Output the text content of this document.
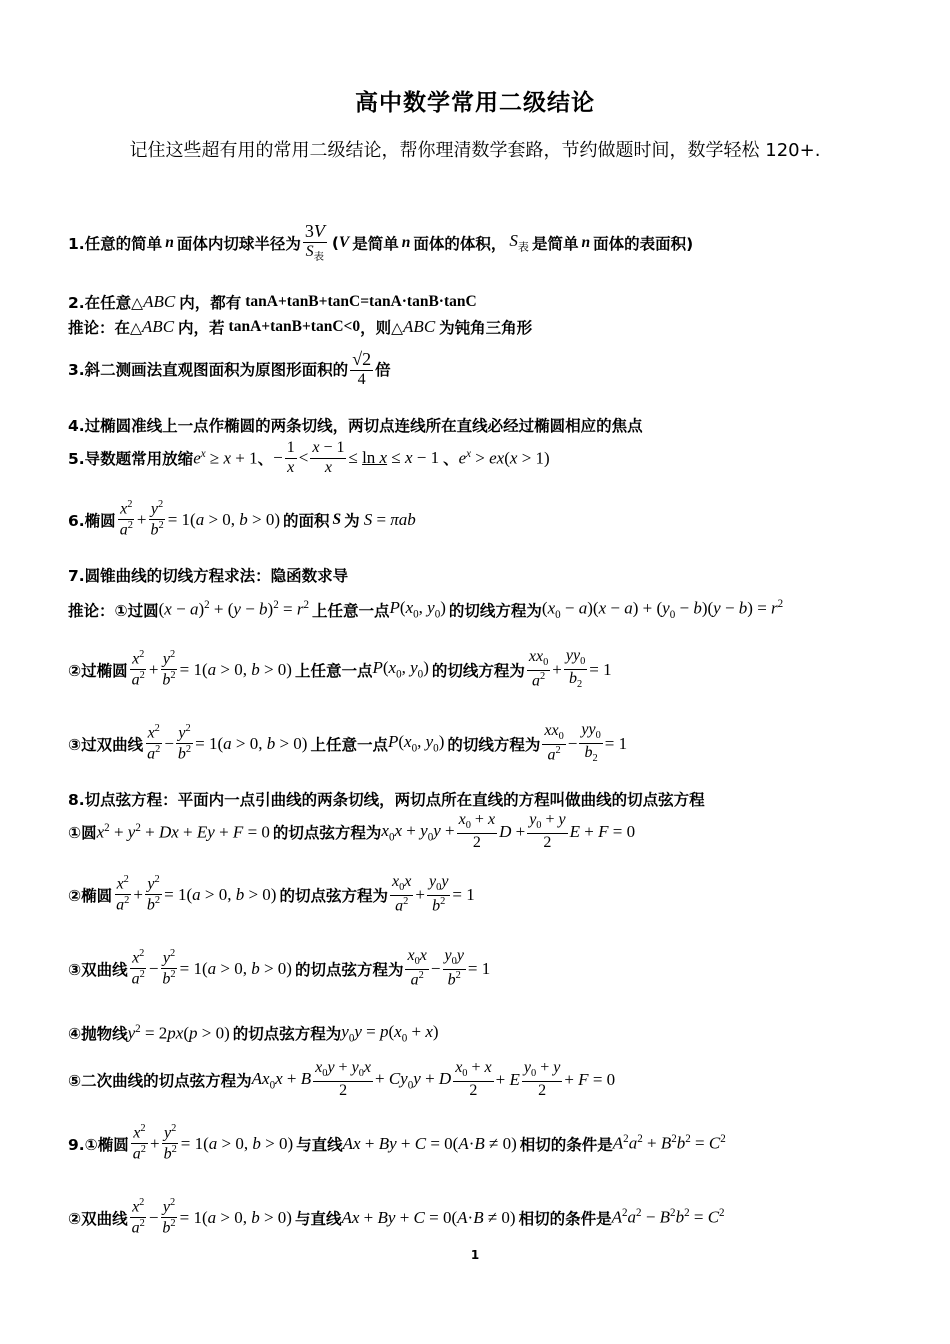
高中数学常用二级结论
记住这些超有用的常用二级结论，帮你理清数学套路，节约做题时间，数学轻松 120+.
1.任意的简单 n 面体内切球半径为 $\frac{3V}{S_表}$ ( V 是简单 n 面体的体积， $S_表$ 是简单 n 面体的表面积)
2.在任意△ ABC 内，都有 tanA+tanB+tanC=tanA·tanB·tanC
推论：在△ ABC 内，若 tanA+tanB+tanC<0 ，则△ ABC 为钝角三角形
3.斜二测画法直观图面积为原图形面积的 $\frac{√2}{4}$ 倍
4.过椭圆准线上一点作椭圆的两条切线，两切点连线所在直线必经过椭圆相应的焦点
5.导数题常用放缩 $e^x \ge x + 1$ 、 − $\frac{1}{x} < \frac{x - 1}{x} \le \ln x \le x - 1$ 、 $e^x > ex(x > 1)$
6.椭圆 $\frac{x^2}{a^2} + \frac{y^2}{b^2} = 1(a > 0$, b > 0) 的面积 S 为 S = πab
7.圆锥曲线的切线方程求法：隐函数求导
推论：①过圆 $(x - a)^2 + (y - b)^2 = r^2$ 上任意一点 $P(x_0$, $y_0$) 的切线方程为 $(x_0 - a)(x - a) + (y_0 - b)(y - b) = r^2$
②过椭圆 $\frac{x^2}{a^2} + \frac{y^2}{b^2} = 1(a > 0$, b > 0) 上任意一点 $P(x_0$, $y_0$) 的切线方程为 $\frac{xx_0}{a^2} + \frac{yy_0}{b_2} = 1$
③过双曲线 $\frac{x^2}{a^2} - \frac{y^2}{b^2} = 1(a > 0$, b > 0) 上任意一点 $P(x_0$, $y_0$) 的切线方程为 $\frac{xx_0}{a^2} - \frac{yy_0}{b_2} = 1$
8.切点弦方程：平面内一点引曲线的两条切线，两切点所在直线的方程叫做曲线的切点弦方程
①圆 $x^2 + y^2 + Dx + Ey + F = 0$ 的切点弦方程为 $x_0x + y_0y + \frac{x_0 + x}{2}$ $D + \frac{y_0 + y}{2}$ E + F = 0
②椭圆 $\frac{x^2}{a^2} + \frac{y^2}{b^2} = 1(a > 0$, b > 0) 的切点弦方程为 $\frac{x_0x}{a^2} + \frac{y_0y}{b^2} = 1$
③双曲线 $\frac{x^2}{a^2} - \frac{y^2}{b^2} = 1(a > 0$, b > 0) 的切点弦方程为 $\frac{x_0x}{a^2} - \frac{y_0y}{b^2} = 1$
④抛物线 $y^2 = 2px(p > 0)$ 的切点弦方程为 $y_0y = p(x_0 + x)$
⑤二次曲线的切点弦方程为 $Ax_0x + B \frac{x_0y + y_0x}{2} + Cy_0y + D \frac{x_0 + x}{2} + E \frac{y_0 + y}{2} + F = 0$
9.①椭圆 $\frac{x^2}{a^2} + \frac{y^2}{b^2} = 1(a > 0$, b > 0) 与直线 Ax + By + C = 0(A·B ≠ 0) 相切的条件是 $A^2a^2 + B^2b^2 = C^2$
②双曲线 $\frac{x^2}{a^2} - \frac{y^2}{b^2} = 1(a > 0$, b > 0) 与直线 Ax + By + C = 0(A·B ≠ 0) 相切的条件是 $A^2a^2 - B^2b^2 = C^2$
1
